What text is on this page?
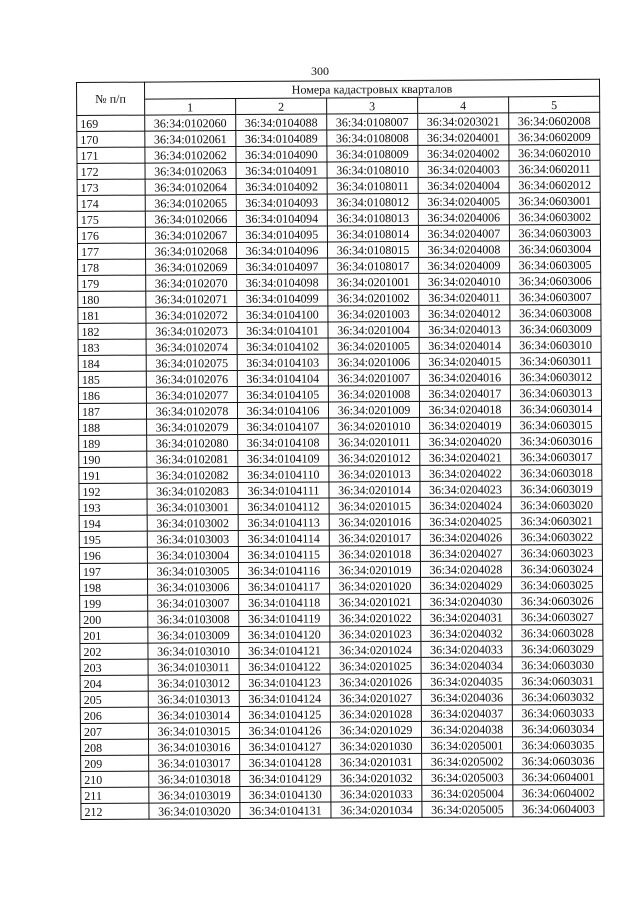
300
№ п/п	Номера кадастровых кварталов				
	1	2	3	4	5
169	36:34:0102060	36:34:0104088	36:34:0108007	36:34:0203021	36:34:0602008
170	36:34:0102061	36:34:0104089	36:34:0108008	36:34:0204001	36:34:0602009
171	36:34:0102062	36:34:0104090	36:34:0108009	36:34:0204002	36:34:0602010
172	36:34:0102063	36:34:0104091	36:34:0108010	36:34:0204003	36:34:0602011
173	36:34:0102064	36:34:0104092	36:34:0108011	36:34:0204004	36:34:0602012
174	36:34:0102065	36:34:0104093	36:34:0108012	36:34:0204005	36:34:0603001
175	36:34:0102066	36:34:0104094	36:34:0108013	36:34:0204006	36:34:0603002
176	36:34:0102067	36:34:0104095	36:34:0108014	36:34:0204007	36:34:0603003
177	36:34:0102068	36:34:0104096	36:34:0108015	36:34:0204008	36:34:0603004
178	36:34:0102069	36:34:0104097	36:34:0108017	36:34:0204009	36:34:0603005
179	36:34:0102070	36:34:0104098	36:34:0201001	36:34:0204010	36:34:0603006
180	36:34:0102071	36:34:0104099	36:34:0201002	36:34:0204011	36:34:0603007
181	36:34:0102072	36:34:0104100	36:34:0201003	36:34:0204012	36:34:0603008
182	36:34:0102073	36:34:0104101	36:34:0201004	36:34:0204013	36:34:0603009
183	36:34:0102074	36:34:0104102	36:34:0201005	36:34:0204014	36:34:0603010
184	36:34:0102075	36:34:0104103	36:34:0201006	36:34:0204015	36:34:0603011
185	36:34:0102076	36:34:0104104	36:34:0201007	36:34:0204016	36:34:0603012
186	36:34:0102077	36:34:0104105	36:34:0201008	36:34:0204017	36:34:0603013
187	36:34:0102078	36:34:0104106	36:34:0201009	36:34:0204018	36:34:0603014
188	36:34:0102079	36:34:0104107	36:34:0201010	36:34:0204019	36:34:0603015
189	36:34:0102080	36:34:0104108	36:34:0201011	36:34:0204020	36:34:0603016
190	36:34:0102081	36:34:0104109	36:34:0201012	36:34:0204021	36:34:0603017
191	36:34:0102082	36:34:0104110	36:34:0201013	36:34:0204022	36:34:0603018
192	36:34:0102083	36:34:0104111	36:34:0201014	36:34:0204023	36:34:0603019
193	36:34:0103001	36:34:0104112	36:34:0201015	36:34:0204024	36:34:0603020
194	36:34:0103002	36:34:0104113	36:34:0201016	36:34:0204025	36:34:0603021
195	36:34:0103003	36:34:0104114	36:34:0201017	36:34:0204026	36:34:0603022
196	36:34:0103004	36:34:0104115	36:34:0201018	36:34:0204027	36:34:0603023
197	36:34:0103005	36:34:0104116	36:34:0201019	36:34:0204028	36:34:0603024
198	36:34:0103006	36:34:0104117	36:34:0201020	36:34:0204029	36:34:0603025
199	36:34:0103007	36:34:0104118	36:34:0201021	36:34:0204030	36:34:0603026
200	36:34:0103008	36:34:0104119	36:34:0201022	36:34:0204031	36:34:0603027
201	36:34:0103009	36:34:0104120	36:34:0201023	36:34:0204032	36:34:0603028
202	36:34:0103010	36:34:0104121	36:34:0201024	36:34:0204033	36:34:0603029
203	36:34:0103011	36:34:0104122	36:34:0201025	36:34:0204034	36:34:0603030
204	36:34:0103012	36:34:0104123	36:34:0201026	36:34:0204035	36:34:0603031
205	36:34:0103013	36:34:0104124	36:34:0201027	36:34:0204036	36:34:0603032
206	36:34:0103014	36:34:0104125	36:34:0201028	36:34:0204037	36:34:0603033
207	36:34:0103015	36:34:0104126	36:34:0201029	36:34:0204038	36:34:0603034
208	36:34:0103016	36:34:0104127	36:34:0201030	36:34:0205001	36:34:0603035
209	36:34:0103017	36:34:0104128	36:34:0201031	36:34:0205002	36:34:0603036
210	36:34:0103018	36:34:0104129	36:34:0201032	36:34:0205003	36:34:0604001
211	36:34:0103019	36:34:0104130	36:34:0201033	36:34:0205004	36:34:0604002
212	36:34:0103020	36:34:0104131	36:34:0201034	36:34:0205005	36:34:0604003
